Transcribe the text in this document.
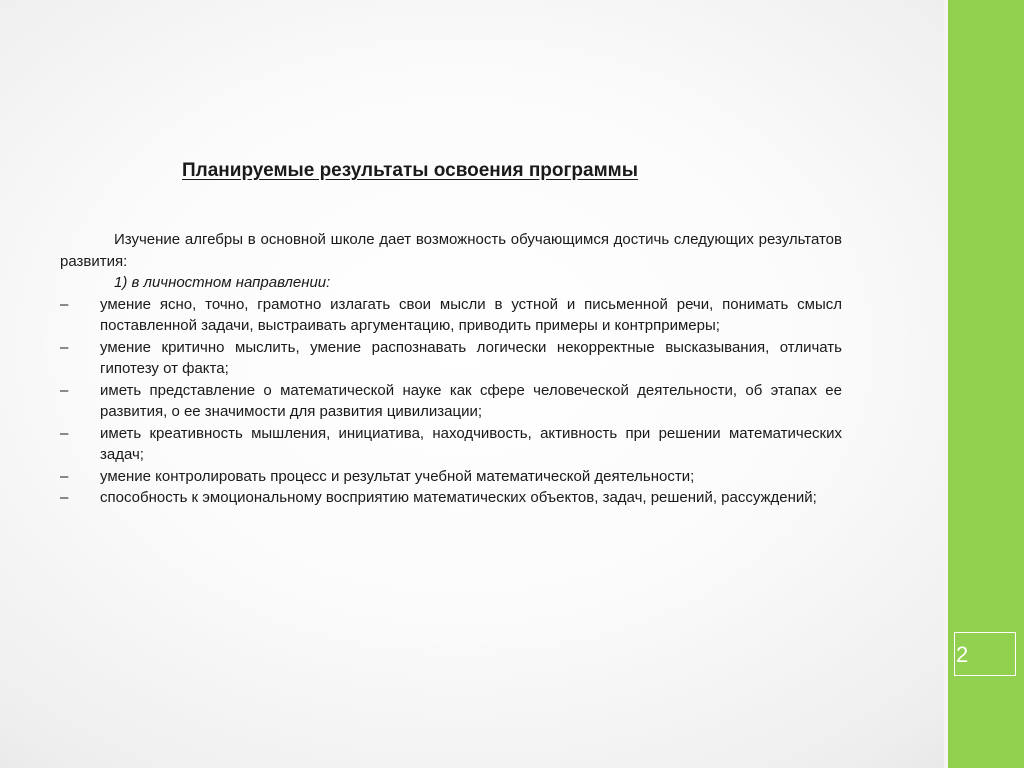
Планируемые результаты освоения программы

Изучение алгебры в основной школе дает возможность обучающимся достичь следующих результатов развития:

1) в личностном направлении:

–	умение ясно, точно, грамотно излагать свои мысли в устной и письменной речи, понимать смысл поставленной задачи, выстраивать аргументацию, приводить примеры и контрпримеры;
–	умение критично мыслить, умение распознавать логически некорректные высказывания, отличать гипотезу от факта;
–	иметь представление о математической науке как сфере человеческой деятельности, об этапах ее развития, о ее значимости для развития цивилизации;
–	иметь креативность мышления, инициатива, находчивость, активность при решении математических задач;
–	умение контролировать процесс и результат учебной математической деятельности;
–	способность к эмоциональному восприятию математических объектов, задач, решений, рассуждений;
2
